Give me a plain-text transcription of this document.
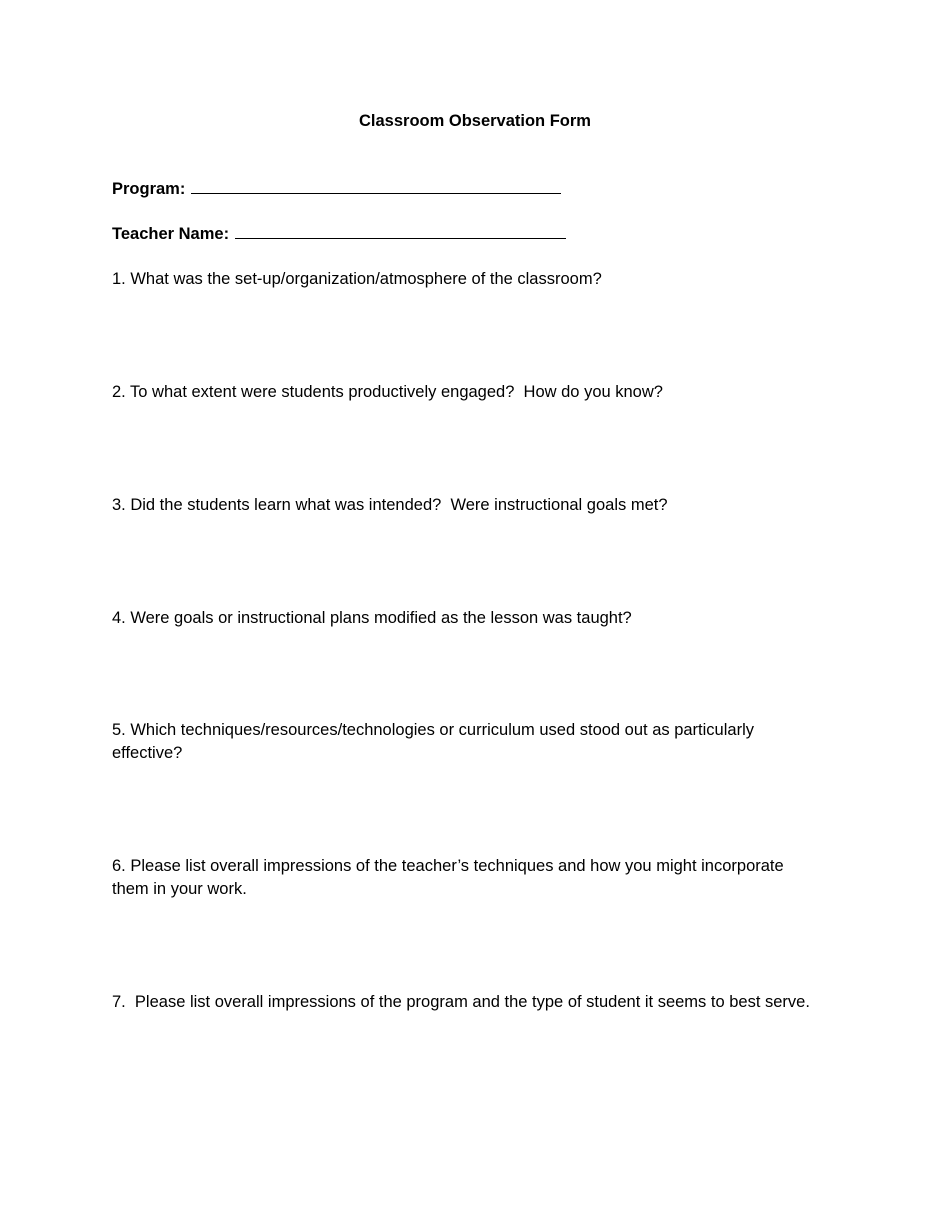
Classroom Observation Form
Program:
Teacher Name:
1. What was the set-up/organization/atmosphere of the classroom?
2. To what extent were students productively engaged?  How do you know?
3. Did the students learn what was intended?  Were instructional goals met?
4. Were goals or instructional plans modified as the lesson was taught?
5. Which techniques/resources/technologies or curriculum used stood out as particularly effective?
6. Please list overall impressions of the teacher’s techniques and how you might incorporate them in your work.
7.  Please list overall impressions of the program and the type of student it seems to best serve.
